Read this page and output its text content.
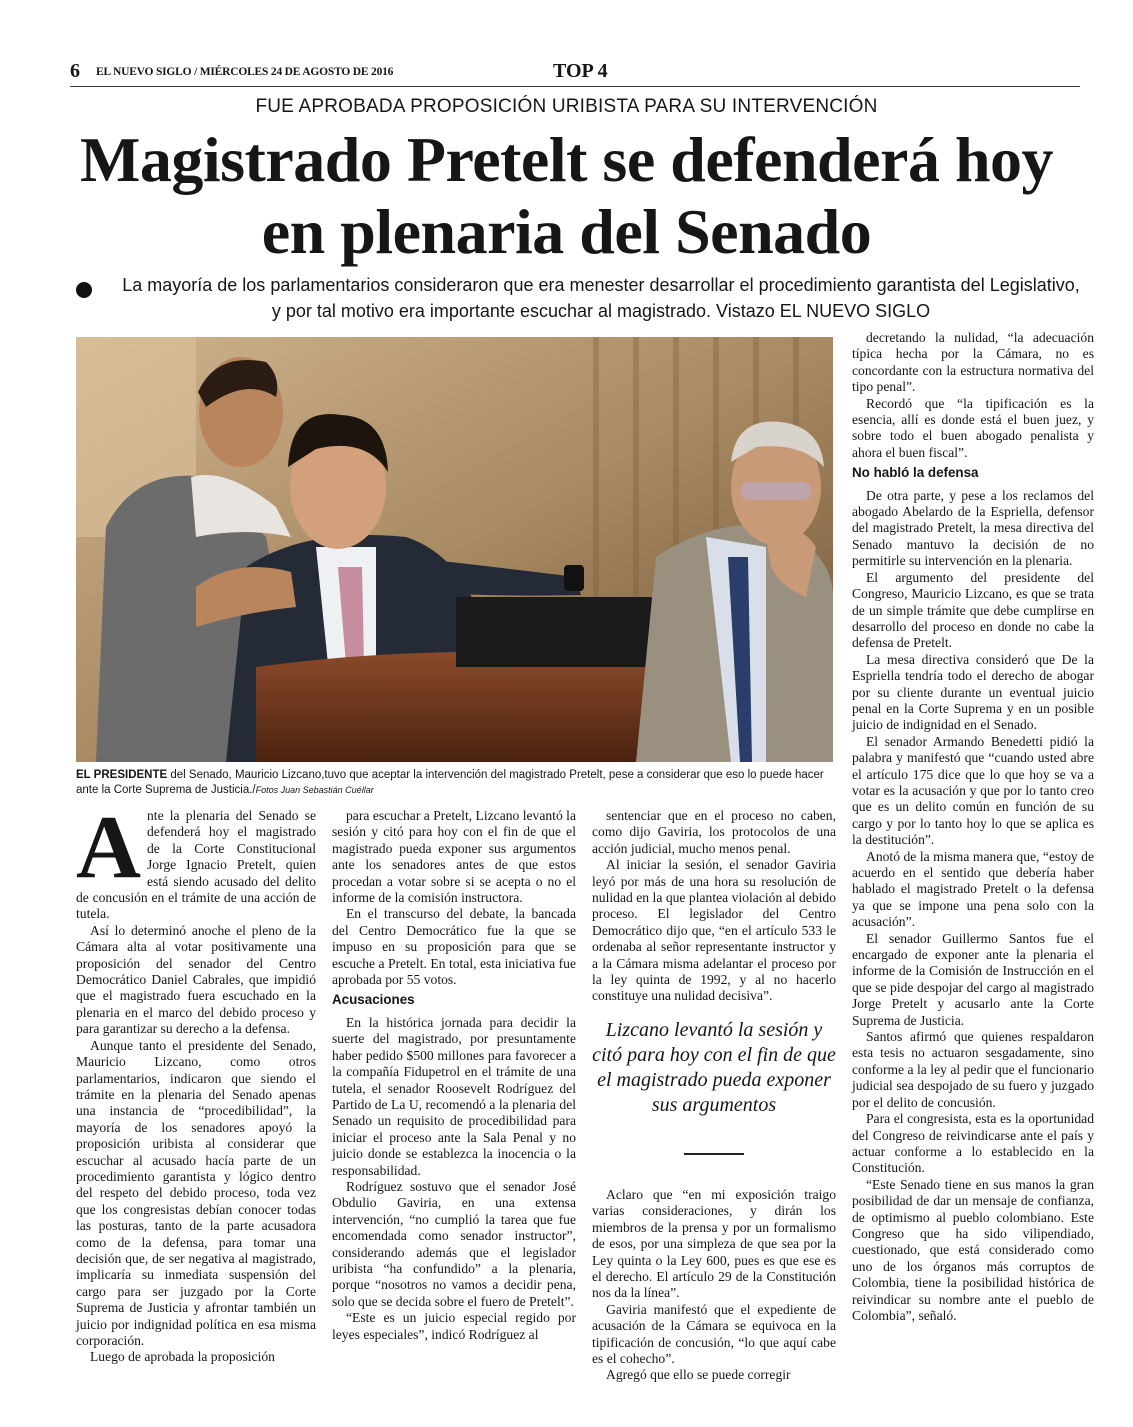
6 EL NUEVO SIGLO / MIÉRCOLES 24 DE AGOSTO DE 2016	TOP 4
FUE APROBADA PROPOSICIÓN URIBISTA PARA SU INTERVENCIÓN
Magistrado Pretelt se defenderá hoy
en plenaria del Senado
La mayoría de los parlamentarios consideraron que era menester desarrollar el procedimiento garantista del Legislativo,
y por tal motivo era importante escuchar al magistrado. Vistazo EL NUEVO SIGLO
EL PRESIDENTE del Senado, Mauricio Lizcano,tuvo que aceptar la intervención del magistrado Pretelt, pese a considerar que eso lo puede hacer ante la Corte Suprema de Justicia./Fotos Juan Sebastián Cuéllar

Ante la plenaria del Senado se defenderá hoy el magistrado de la Corte Constitucional Jorge Ignacio Pretelt, quien está siendo acusado del delito de concusión en el trámite de una acción de tutela.

Así lo determinó anoche el pleno de la Cámara alta al votar positivamente una proposición del senador del Centro Democrático Daniel Cabrales, que impidió que el magistrado fuera escuchado en la plenaria en el marco del debido proceso y para garantizar su derecho a la defensa.

Aunque tanto el presidente del Senado, Mauricio Lizcano, como otros parlamentarios, indicaron que siendo el trámite en la plenaria del Senado apenas una instancia de “procedibilidad”, la mayoría de los senadores apoyó la proposición uribista al considerar que escuchar al acusado hacía parte de un procedimiento garantista y lógico dentro del respeto del debido proceso, toda vez que los congresistas debían conocer todas las posturas, tanto de la parte acusadora como de la defensa, para tomar una decisión que, de ser negativa al magistrado, implicaría su inmediata suspensión del cargo para ser juzgado por la Corte Suprema de Justicia y afrontar también un juicio por indignidad política en esa misma corporación.

Luego de aprobada la proposición

para escuchar a Pretelt, Lizcano levantó la sesión y citó para hoy con el fin de que el magistrado pueda exponer sus argumentos ante los senadores antes de que estos procedan a votar sobre si se acepta o no el informe de la comisión instructora.

En el transcurso del debate, la bancada del Centro Democrático fue la que se impuso en su proposición para que se escuche a Pretelt. En total, esta iniciativa fue aprobada por 55 votos.

Acusaciones

En la histórica jornada para decidir la suerte del magistrado, por presuntamente haber pedido $500 millones para favorecer a la compañía Fidupetrol en el trámite de una tutela, el senador Roosevelt Rodríguez del Partido de La U, recomendó a la plenaria del Senado un requisito de procedibilidad para iniciar el proceso ante la Sala Penal y no juicio donde se establezca la inocencia o la responsabilidad.

Rodríguez sostuvo que el senador José Obdulio Gaviria, en una extensa intervención, “no cumplió la tarea que fue encomendada como senador instructor”, considerando además que el legislador uribista “ha confundido” a la plenaria, porque “nosotros no vamos a decidir pena, solo que se decida sobre el fuero de Pretelt”.

“Este es un juicio especial regido por leyes especiales”, indicó Rodríguez al

sentenciar que en el proceso no caben, como dijo Gaviria, los protocolos de una acción judicial, mucho menos penal.

Al iniciar la sesión, el senador Gaviria leyó por más de una hora su resolución de nulidad en la que plantea violación al debido proceso. El legislador del Centro Democrático dijo que, “en el artículo 533 le ordenaba al señor representante instructor y a la Cámara misma adelantar el proceso por la ley quinta de 1992, y al no hacerlo constituye una nulidad decisiva”.

Lizcano levantó la sesión y citó para hoy con el fin de que el magistrado pueda exponer sus argumentos

Aclaro que “en mi exposición traigo varias consideraciones, y dirán los miembros de la prensa y por un formalismo de esos, por una simpleza de que sea por la Ley quinta o la Ley 600, pues es que ese es el derecho. El artículo 29 de la Constitución nos da la línea”.

Gaviria manifestó que el expediente de acusación de la Cámara se equivoca en la tipificación de concusión, “lo que aquí cabe es el cohecho”.

Agregó que ello se puede corregir

decretando la nulidad, “la adecuación típica hecha por la Cámara, no es concordante con la estructura normativa del tipo penal”.

Recordó que “la tipificación es la esencia, allí es donde está el buen juez, y sobre todo el buen abogado penalista y ahora el buen fiscal”.

No habló la defensa

De otra parte, y pese a los reclamos del abogado Abelardo de la Espriella, defensor del magistrado Pretelt, la mesa directiva del Senado mantuvo la decisión de no permitirle su intervención en la plenaria.

El argumento del presidente del Congreso, Mauricio Lizcano, es que se trata de un simple trámite que debe cumplirse en desarrollo del proceso en donde no cabe la defensa de Pretelt.

La mesa directiva consideró que De la Espriella tendría todo el derecho de abogar por su cliente durante un eventual juicio penal en la Corte Suprema y en un posible juicio de indignidad en el Senado.

El senador Armando Benedetti pidió la palabra y manifestó que “cuando usted abre el artículo 175 dice que lo que hoy se va a votar es la acusación y que por lo tanto creo que es un delito común en función de su cargo y por lo tanto hoy lo que se aplica es la destitución”.

Anotó de la misma manera que, “estoy de acuerdo en el sentido que debería haber hablado el magistrado Pretelt o la defensa ya que se impone una pena solo con la acusación”.

El senador Guillermo Santos fue el encargado de exponer ante la plenaria el informe de la Comisión de Instrucción en el que se pide despojar del cargo al magistrado Jorge Pretelt y acusarlo ante la Corte Suprema de Justicia.

Santos afirmó que quienes respaldaron esta tesis no actuaron sesgadamente, sino conforme a la ley al pedir que el funcionario judicial sea despojado de su fuero y juzgado por el delito de concusión.

Para el congresista, esta es la oportunidad del Congreso de reivindicarse ante el país y actuar conforme a lo establecido en la Constitución.

“Este Senado tiene en sus manos la gran posibilidad de dar un mensaje de confianza, de optimismo al pueblo colombiano. Este Congreso que ha sido vilipendiado, cuestionado, que está considerado como uno de los órganos más corruptos de Colombia, tiene la posibilidad histórica de reivindicar su nombre ante el pueblo de Colombia”, señaló.
